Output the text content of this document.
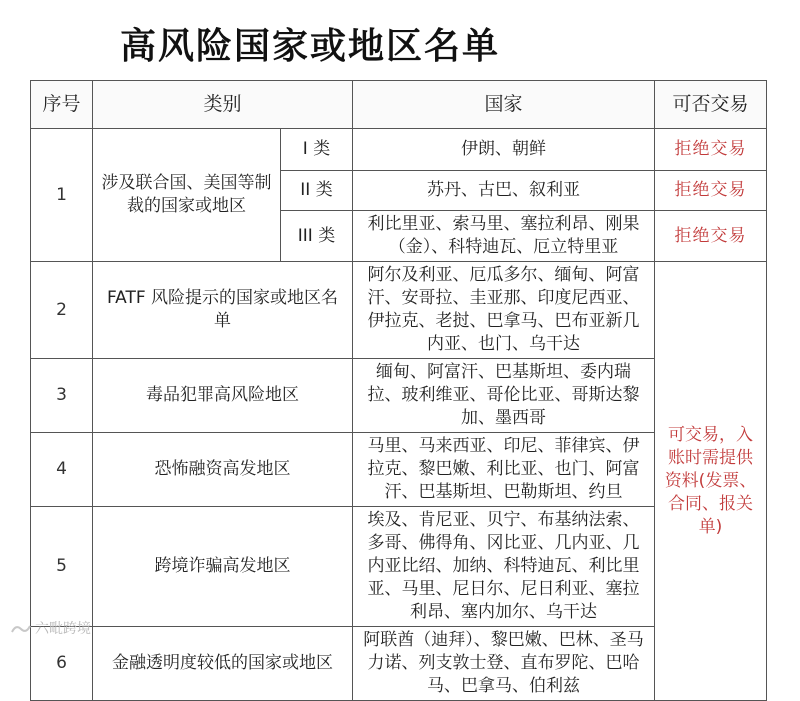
高风险国家或地区名单
序号	类别		国家	可否交易
1	涉及联合国、美国等制裁的国家或地区	I 类	伊朗、朝鲜	拒绝交易
		II 类	苏丹、古巴、叙利亚	拒绝交易
		III 类	利比里亚、索马里、塞拉利昂、刚果（金）、科特迪瓦、厄立特里亚	拒绝交易
2	FATF 风险提示的国家或地区名单		阿尔及利亚、厄瓜多尔、缅甸、阿富汗、安哥拉、圭亚那、印度尼西亚、伊拉克、老挝、巴拿马、巴布亚新几内亚、也门、乌干达	可交易，入账时需提供资料(发票、合同、报关单)
3	毒品犯罪高风险地区		缅甸、阿富汗、巴基斯坦、委内瑞拉、玻利维亚、哥伦比亚、哥斯达黎加、墨西哥	
4	恐怖融资高发地区		马里、马来西亚、印尼、菲律宾、伊拉克、黎巴嫩、利比亚、也门、阿富汗、巴基斯坦、巴勒斯坦、约旦	
5	跨境诈骗高发地区		埃及、肯尼亚、贝宁、布基纳法索、多哥、佛得角、冈比亚、几内亚、几内亚比绍、加纳、科特迪瓦、利比里亚、马里、尼日尔、尼日利亚、塞拉利昂、塞内加尔、乌干达	
6	金融透明度较低的国家或地区		阿联酋（迪拜）、黎巴嫩、巴林、圣马力诺、列支敦士登、直布罗陀、巴哈马、巴拿马、伯利兹	
六毗跨境
